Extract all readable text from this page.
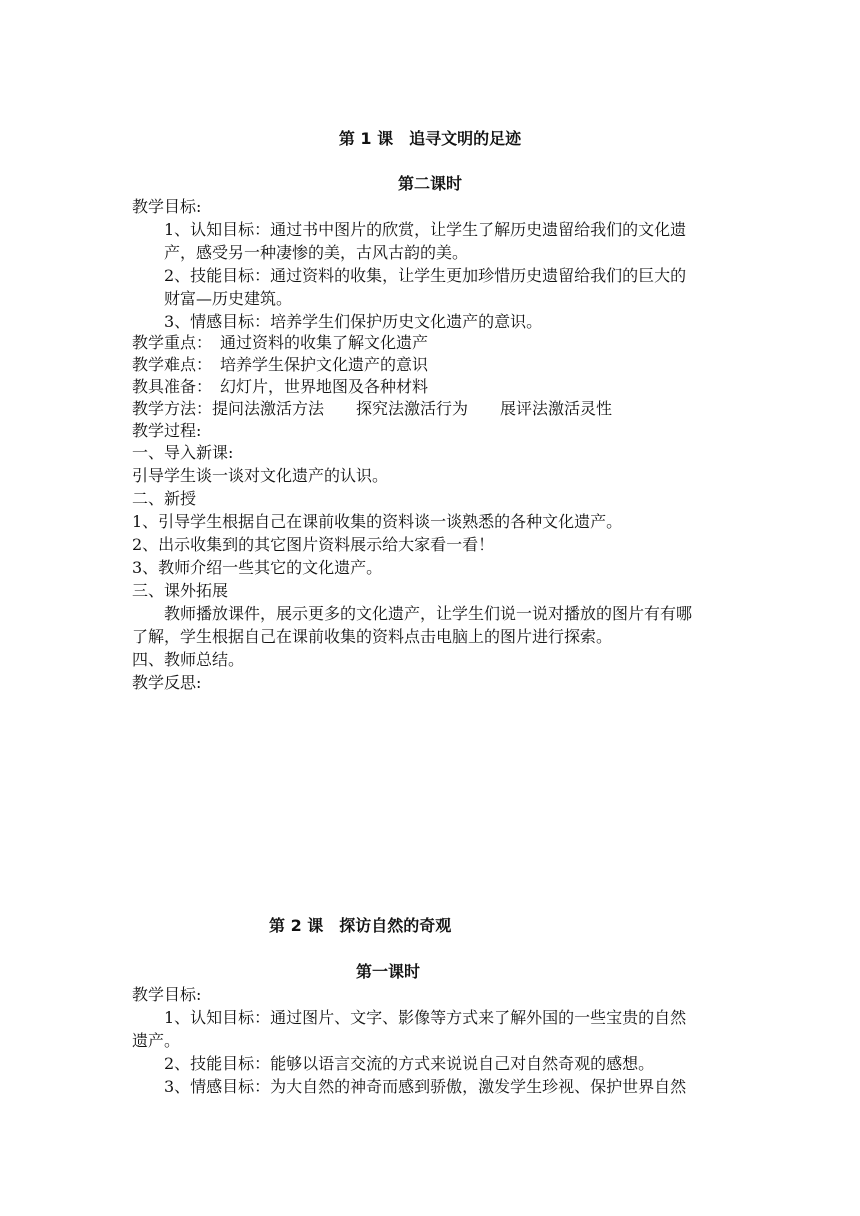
第 1 课　追寻文明的足迹
第二课时
教学目标:
1、认知目标：通过书中图片的欣赏，让学生了解历史遗留给我们的文化遗
产，感受另一种凄惨的美，古风古韵的美。
2、技能目标：通过资料的收集，让学生更加珍惜历史遗留给我们的巨大的
财富—历史建筑。
3、情感目标：培养学生们保护历史文化遗产的意识。
教学重点：　通过资料的收集了解文化遗产
教学难点：　培养学生保护文化遗产的意识
教具准备：　幻灯片，世界地图及各种材料
教学方法：提问法激活方法　　探究法激活行为　　展评法激活灵性
教学过程:
一、导入新课:
引导学生谈一谈对文化遗产的认识。
二、新授
1、引导学生根据自己在课前收集的资料谈一谈熟悉的各种文化遗产。
2、出示收集到的其它图片资料展示给大家看一看！
3、教师介绍一些其它的文化遗产。
三、课外拓展
教师播放课件，展示更多的文化遗产，让学生们说一说对播放的图片有有哪
了解，学生根据自己在课前收集的资料点击电脑上的图片进行探索。
四、教师总结。
教学反思:
第 2 课　探访自然的奇观
第一课时
教学目标:
1、认知目标：通过图片、文字、影像等方式来了解外国的一些宝贵的自然
遗产。
2、技能目标：能够以语言交流的方式来说说自己对自然奇观的感想。
3、情感目标：为大自然的神奇而感到骄傲，激发学生珍视、保护世界自然
